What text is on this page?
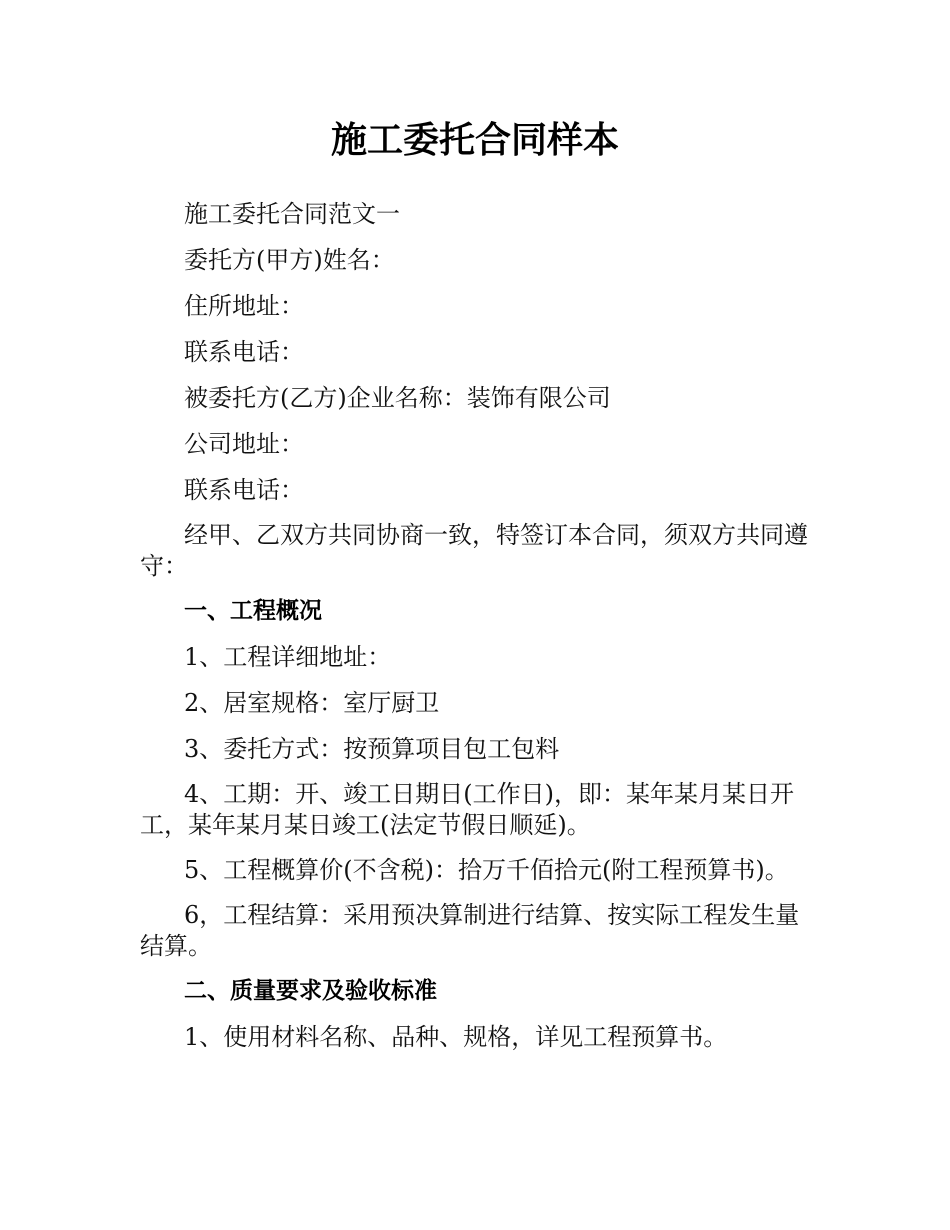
施工委托合同样本

施工委托合同范文一

委托方(甲方)姓名：

住所地址：

联系电话：

被委托方(乙方)企业名称：装饰有限公司

公司地址：

联系电话：

经甲、乙双方共同协商一致，特签订本合同，须双方共同遵守：

一、工程概况

1、工程详细地址：

2、居室规格：室厅厨卫

3、委托方式：按预算项目包工包料

4、工期：开、竣工日期日(工作日)，即：某年某月某日开工，某年某月某日竣工(法定节假日顺延)。

5、工程概算价(不含税)：拾万千佰拾元(附工程预算书)。

6，工程结算：采用预决算制进行结算、按实际工程发生量结算。

二、质量要求及验收标准

1、使用材料名称、品种、规格，详见工程预算书。
